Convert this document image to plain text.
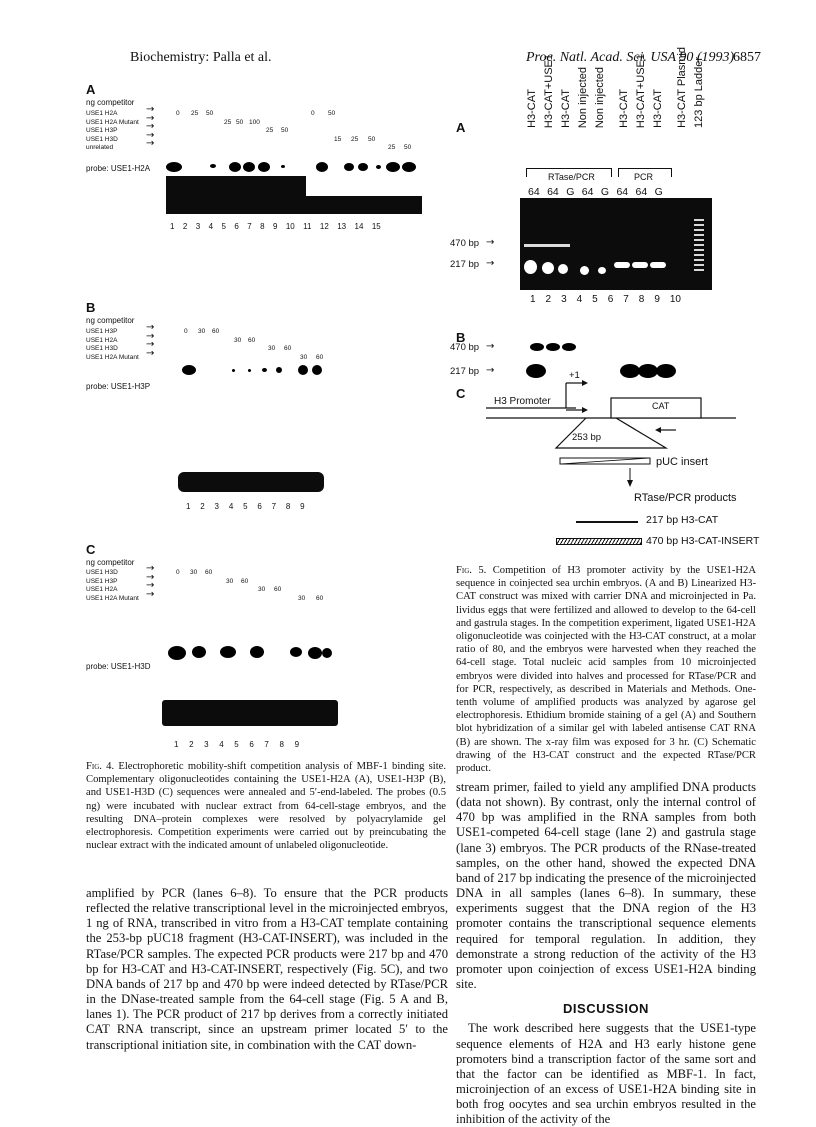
Biochemistry: Palla et al.	Proc. Natl. Acad. Sci. USA 90 (1993)
6857
A
ng competitor
USE1 H2A
USE1 H2A Mutant
USE1 H3P
USE1 H3D
unrelated
→
→
→
→
→
0 25 50
25 50 100
25 50
0 50
15 25 50
25 50
probe: USE1-H2A
1 2 3 4 5 6 7 8 9 10 11 12 13 14 15
B
ng competitor
USE1 H3P
USE1 H2A
USE1 H3D
USE1 H2A Mutant
→
→
→
→
0 30 60
30 60
30 60
30 60
probe: USE1-H3P
1 2 3 4 5 6 7 8 9
C
ng competitor
USE1 H3D
USE1 H3P
USE1 H2A
USE1 H2A Mutant
→
→
→
→
0 30 60
30 60
30 60
30 60
probe: USE1-H3D
1 2 3 4 5 6 7 8 9
Fig. 4. Electrophoretic mobility-shift competition analysis of MBF-1 binding site. Complementary oligonucleotides containing the USE1-H2A (A), USE1-H3P (B), and USE1-H3D (C) sequences were annealed and 5′-end-labeled. The probes (0.5 ng) were incubated with nuclear extract from 64-cell-stage embryos, and the resulting DNA–protein complexes were resolved by polyacrylamide gel electrophoresis. Competition experiments were carried out by preincubating the nuclear extract with the indicated amount of unlabeled oligonucleotide.

amplified by PCR (lanes 6–8). To ensure that the PCR products reflected the relative transcriptional level in the microinjected embryos, 1 ng of RNA, transcribed in vitro from a H3-CAT template containing the 253-bp pUC18 fragment (H3-CAT-INSERT), was included in the RTase/PCR samples. The expected PCR products were 217 bp and 470 bp for H3-CAT and H3-CAT-INSERT, respectively (Fig. 5C), and two DNA bands of 217 bp and 470 bp were indeed detected by RTase/PCR in the DNase-treated sample from the 64-cell stage (Fig. 5 A and B, lanes 1). The PCR product of 217 bp derives from a correctly initiated CAT RNA transcript, since an upstream primer located 5′ to the transcriptional initiation site, in combination with the CAT down-

A	H3-CAT H3-CAT+USE1 H3-CAT Non injected Non injected H3-CAT H3-CAT+USE1 H3-CAT H3-CAT Plasmid 123 bp Ladder
RTase/PCR	PCR
64 64 G 64 G 64 64 G
470 bp →
217 bp →
1 2 3 4 5 6 7 8 9 10
B
470 bp →
217 bp →
C
+1
H3 Promoter	CAT
253 bp
pUC insert
RTase/PCR products
217 bp H3-CAT
470 bp H3-CAT-INSERT
Fig. 5. Competition of H3 promoter activity by the USE1-H2A sequence in coinjected sea urchin embryos. (A and B) Linearized H3-CAT construct was mixed with carrier DNA and microinjected in Pa. lividus eggs that were fertilized and allowed to develop to the 64-cell and gastrula stages. In the competition experiment, ligated USE1-H2A oligonucleotide was coinjected with the H3-CAT construct, at a molar ratio of 80, and the embryos were harvested when they reached the 64-cell stage. Total nucleic acid samples from 10 microinjected embryos were divided into halves and processed for RTase/PCR and for PCR, respectively, as described in Materials and Methods. One-tenth volume of amplified products was analyzed by agarose gel electrophoresis. Ethidium bromide staining of a gel (A) and Southern blot hybridization of a similar gel with labeled antisense CAT RNA (B) are shown. The x-ray film was exposed for 3 hr. (C) Schematic drawing of the H3-CAT construct and the expected RTase/PCR product.

stream primer, failed to yield any amplified DNA products (data not shown). By contrast, only the internal control of 470 bp was amplified in the RNA samples from both USE1-competed 64-cell stage (lane 2) and gastrula stage (lane 3) embryos. The PCR products of the RNase-treated samples, on the other hand, showed the expected DNA band of 217 bp indicating the presence of the microinjected DNA in all samples (lanes 6–8). In summary, these experiments suggest that the DNA region of the H3 promoter contains the transcriptional sequence elements required for temporal regulation. In addition, they demonstrate a strong reduction of the activity of the H3 promoter upon coinjection of excess USE1-H2A binding site.

DISCUSSION

The work described here suggests that the USE1-type sequence elements of H2A and H3 early histone gene promoters bind a transcription factor of the same sort and that the factor can be identified as MBF-1. In fact, microinjection of an excess of USE1-H2A binding site in both frog oocytes and sea urchin embryos resulted in the inhibition of the activity of the
